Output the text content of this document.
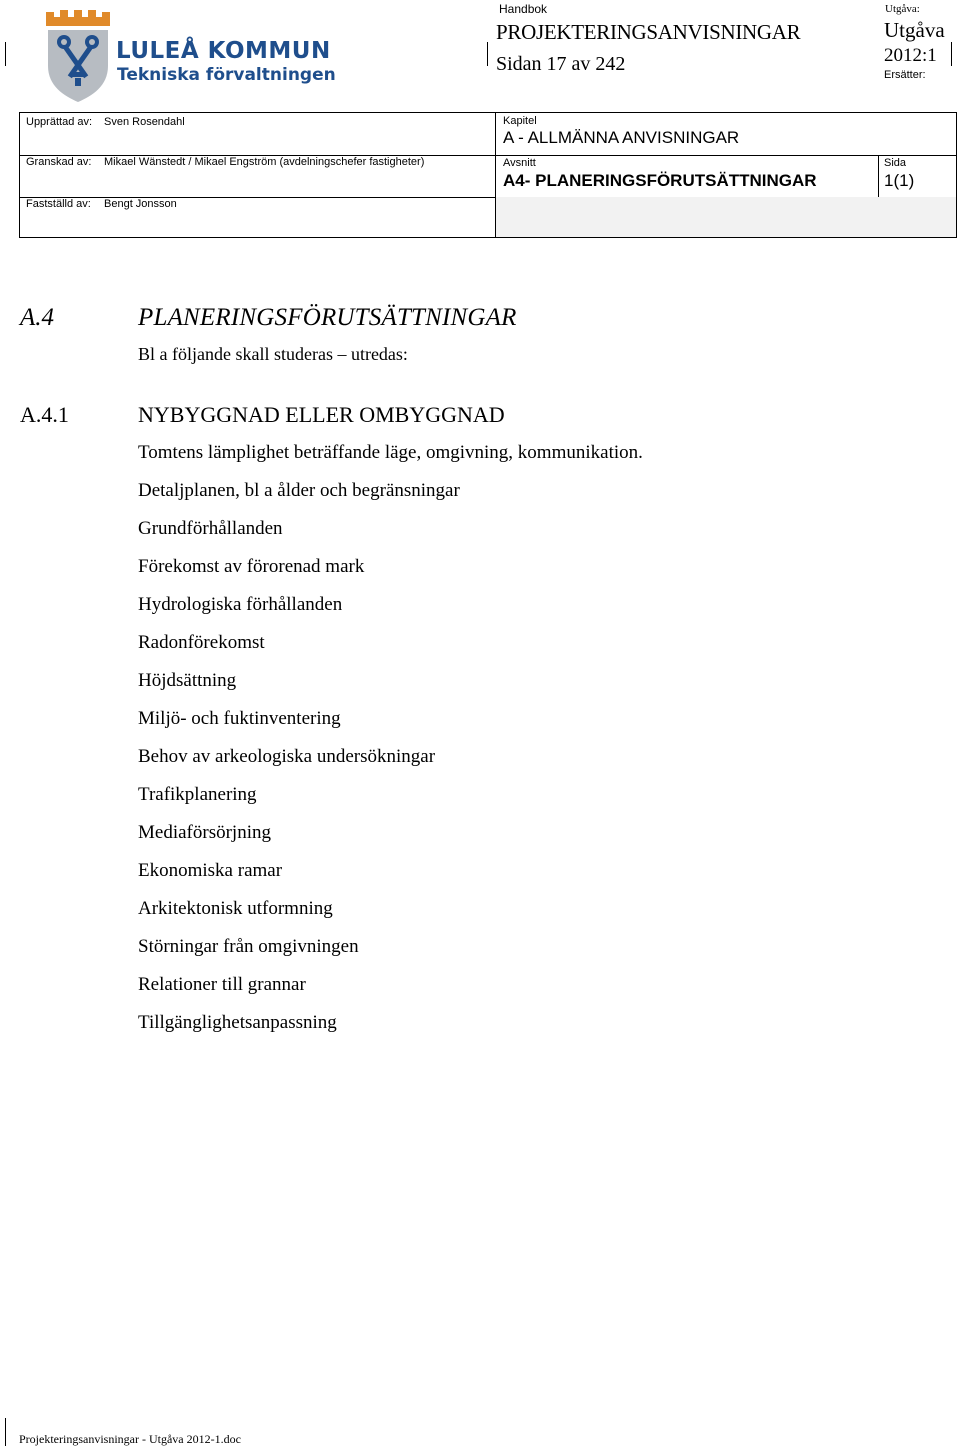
LULEÅ KOMMUN
Tekniska förvaltningen
Handbok
PROJEKTERINGSANVISNINGAR
Sidan 17 av 242
Utgåva:
Utgåva
2012:1
Ersätter:
Upprättad av: Sven Rosendahl
Granskad av: Mikael Wänstedt / Mikael Engström (avdelningschefer fastigheter)
Fastställd av: Bengt Jonsson
Kapitel
A - ALLMÄNNA ANVISNINGAR
Avsnitt
A4- PLANERINGSFÖRUTSÄTTNINGAR
Sida
1(1)
A.4	PLANERINGSFÖRUTSÄTTNINGAR
Bl a följande skall studeras – utredas:
A.4.1	NYBYGGNAD ELLER OMBYGGNAD
Tomtens lämplighet beträffande läge, omgivning, kommunikation.
Detaljplanen, bl a ålder och begränsningar
Grundförhållanden
Förekomst av förorenad mark
Hydrologiska förhållanden
Radonförekomst
Höjdsättning
Miljö- och fuktinventering
Behov av arkeologiska undersökningar
Trafikplanering
Mediaförsörjning
Ekonomiska ramar
Arkitektonisk utformning
Störningar från omgivningen
Relationer till grannar
Tillgänglighetsanpassning
Projekteringsanvisningar - Utgåva 2012-1.doc
